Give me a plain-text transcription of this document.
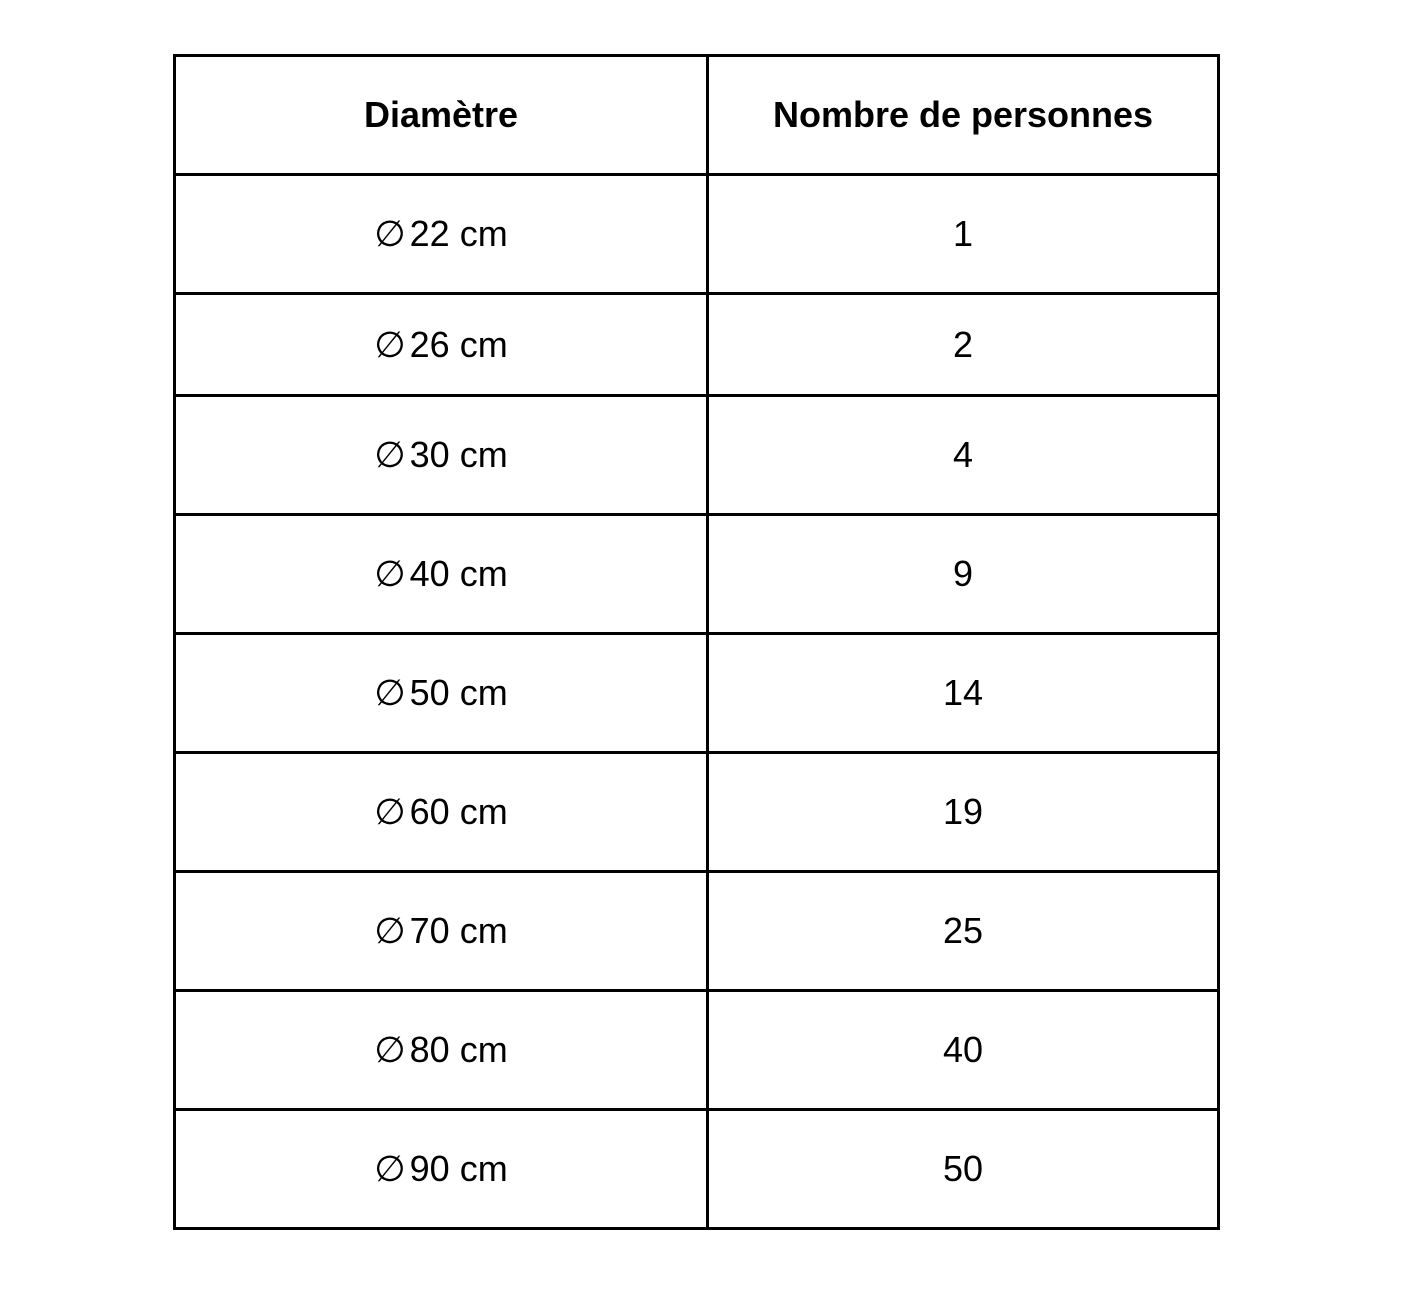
Diamètre	Nombre de personnes
∅ 22 cm	1
∅ 26 cm	2
∅ 30 cm	4
∅ 40 cm	9
∅ 50 cm	14
∅ 60 cm	19
∅ 70 cm	25
∅ 80 cm	40
∅ 90 cm	50
